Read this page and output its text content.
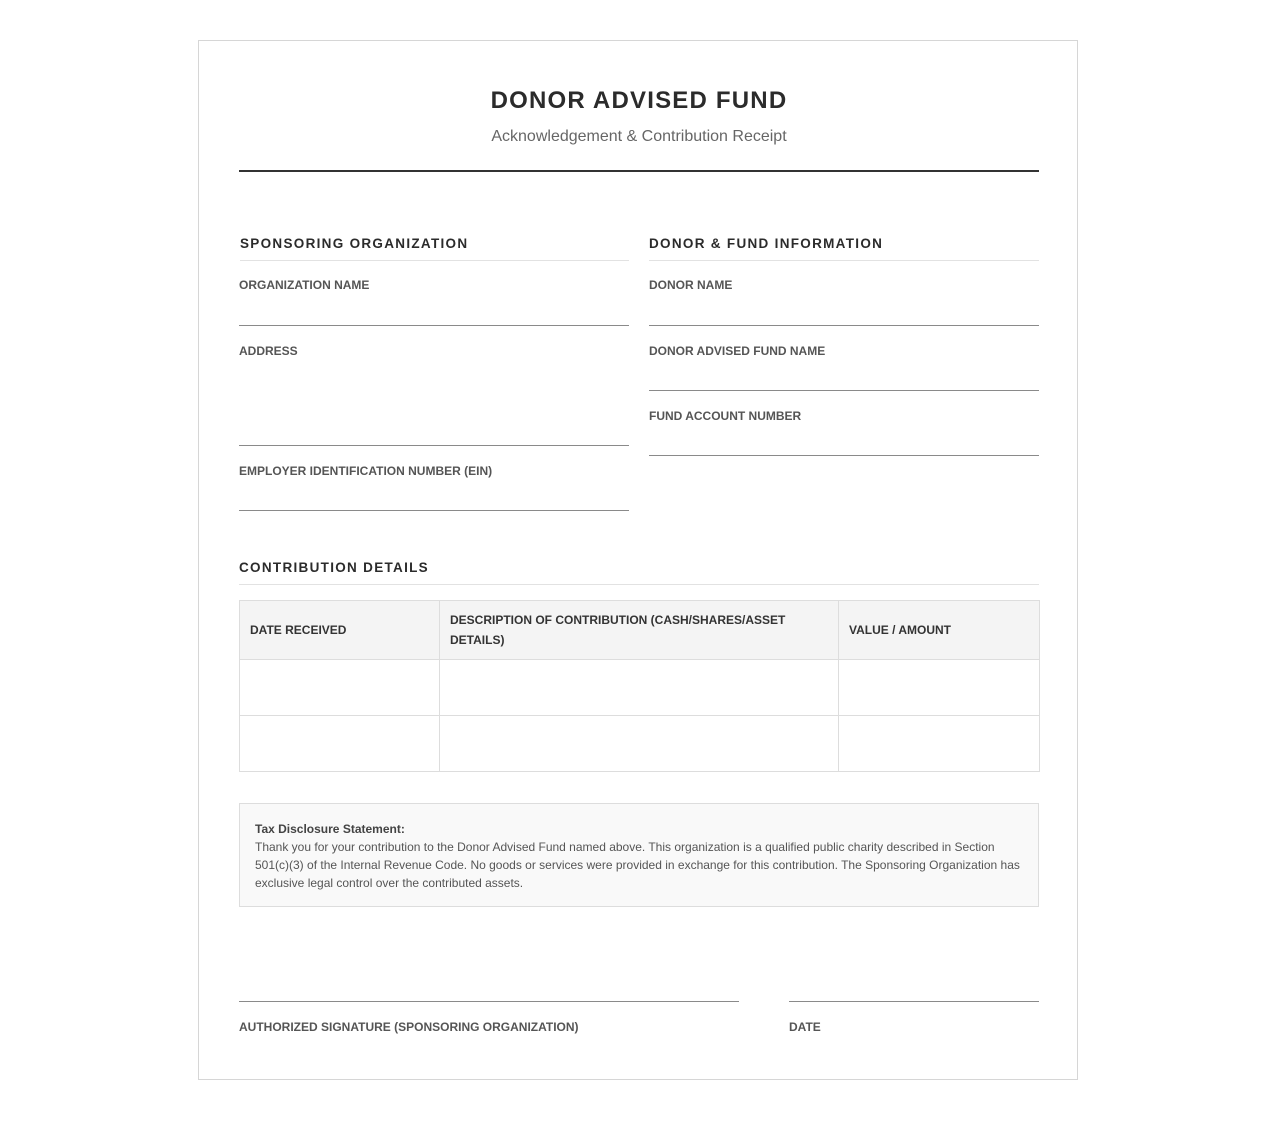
DONOR ADVISED FUND
Acknowledgement & Contribution Receipt
SPONSORING ORGANIZATION
ORGANIZATION NAME
ADDRESS
EMPLOYER IDENTIFICATION NUMBER (EIN)
DONOR & FUND INFORMATION
DONOR NAME
DONOR ADVISED FUND NAME
FUND ACCOUNT NUMBER
CONTRIBUTION DETAILS
DATE RECEIVED	DESCRIPTION OF CONTRIBUTION (CASH/SHARES/ASSET DETAILS)	VALUE / AMOUNT

Tax Disclosure Statement:
Thank you for your contribution to the Donor Advised Fund named above. This organization is a qualified public charity described in Section 501(c)(3) of the Internal Revenue Code. No goods or services were provided in exchange for this contribution. The Sponsoring Organization has exclusive legal control over the contributed assets.
AUTHORIZED SIGNATURE (SPONSORING ORGANIZATION)	DATE
